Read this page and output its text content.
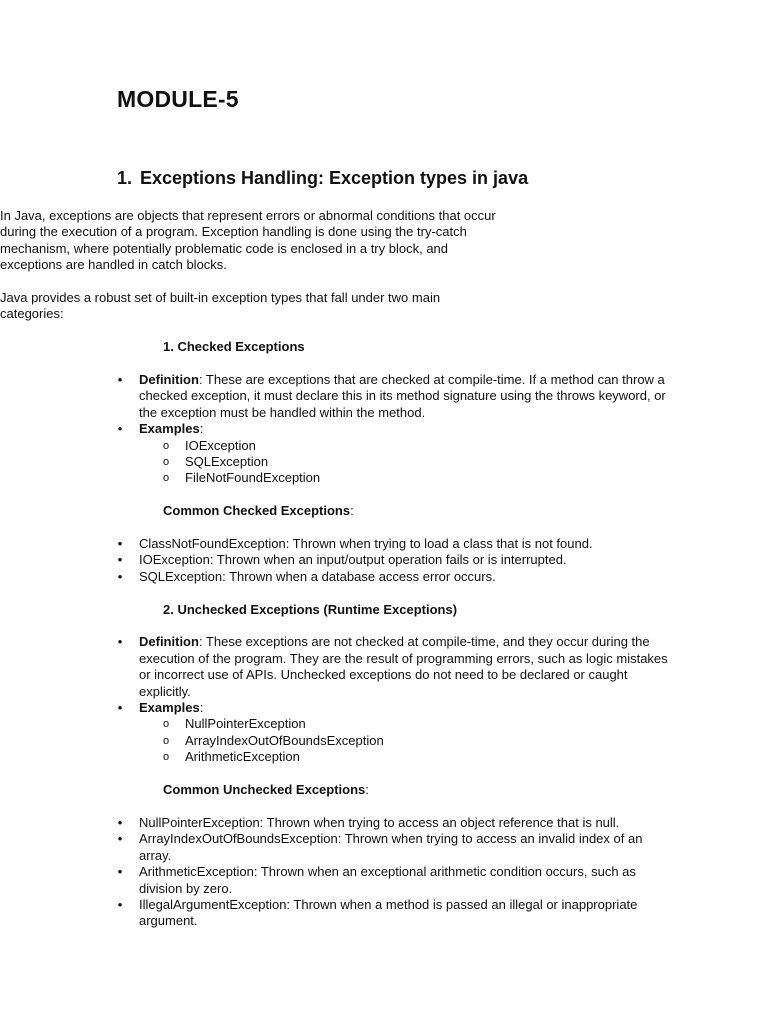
MODULE-5
1. Exceptions Handling: Exception types in java

In Java, exceptions are objects that represent errors or abnormal conditions that occur during the execution of a program. Exception handling is done using the try-catch mechanism, where potentially problematic code is enclosed in a try block, and exceptions are handled in catch blocks.

Java provides a robust set of built-in exception types that fall under two main categories:

1. Checked Exceptions

• Definition: These are exceptions that are checked at compile-time. If a method can throw a checked exception, it must declare this in its method signature using the throws keyword, or the exception must be handled within the method.
• Examples:
o IOException
o SQLException
o FileNotFoundException

Common Checked Exceptions:

• ClassNotFoundException: Thrown when trying to load a class that is not found.
• IOException: Thrown when an input/output operation fails or is interrupted.
• SQLException: Thrown when a database access error occurs.

2. Unchecked Exceptions (Runtime Exceptions)

• Definition: These exceptions are not checked at compile-time, and they occur during the execution of the program. They are the result of programming errors, such as logic mistakes or incorrect use of APIs. Unchecked exceptions do not need to be declared or caught explicitly.
• Examples:
o NullPointerException
o ArrayIndexOutOfBoundsException
o ArithmeticException

Common Unchecked Exceptions:

• NullPointerException: Thrown when trying to access an object reference that is null.
• ArrayIndexOutOfBoundsException: Thrown when trying to access an invalid index of an array.
• ArithmeticException: Thrown when an exceptional arithmetic condition occurs, such as division by zero.
• IllegalArgumentException: Thrown when a method is passed an illegal or inappropriate argument.
